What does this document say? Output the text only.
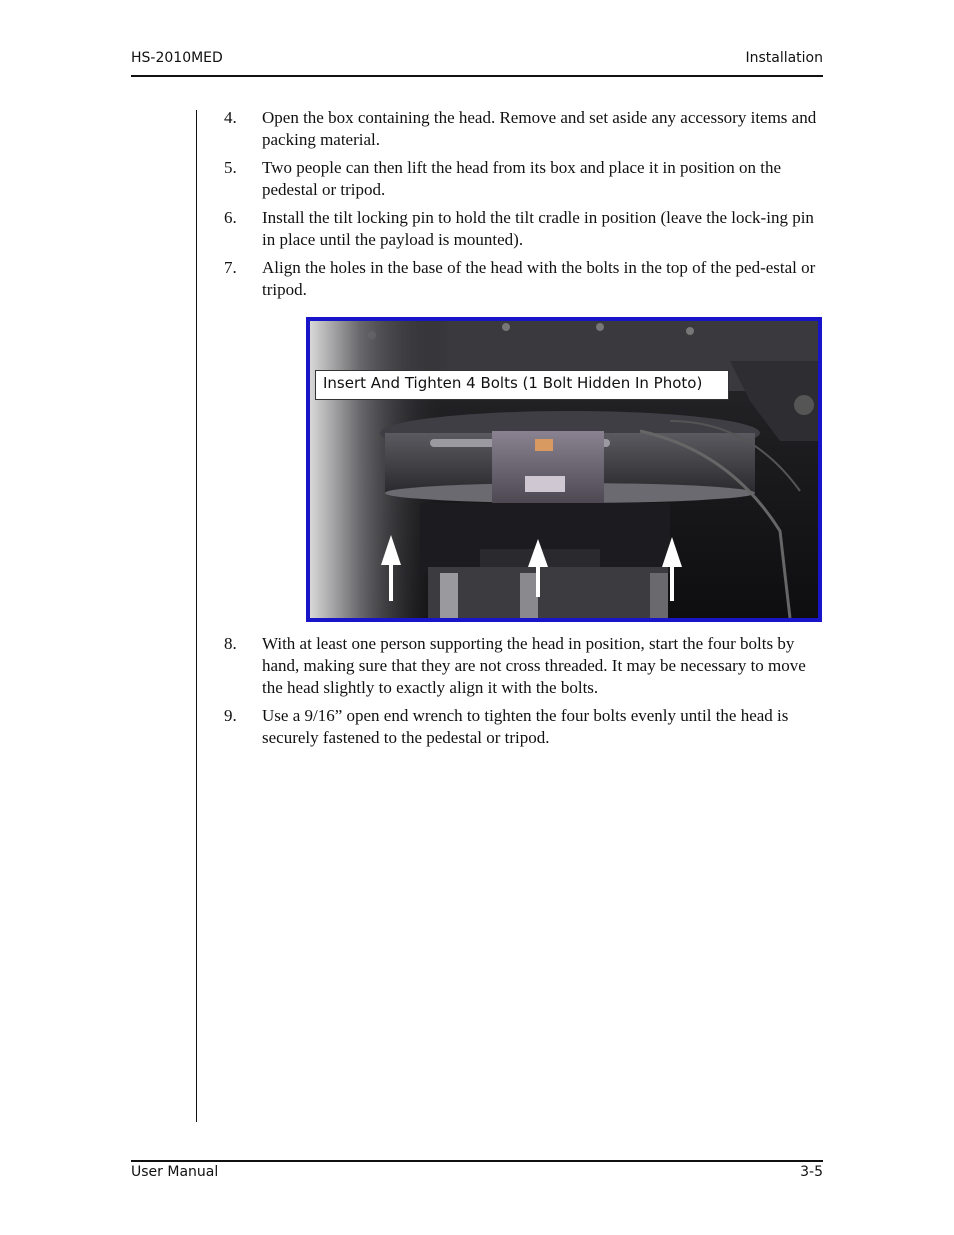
HS-2010MED	Installation
4.	Open the box containing the head. Remove and set aside any accessory items and packing material.
5.	Two people can then lift the head from its box and place it in position on the pedestal or tripod.
6.	Install the tilt locking pin to hold the tilt cradle in position (leave the lock-ing pin in place until the payload is mounted).
7.	Align the holes in the base of the head with the bolts in the top of the ped-estal or tripod.
Insert And Tighten 4 Bolts (1 Bolt Hidden In Photo)
8.	With at least one person supporting the head in position, start the four bolts by hand, making sure that they are not cross threaded. It may be necessary to move the head slightly to exactly align it with the bolts.
9.	Use a 9/16” open end wrench to tighten the four bolts evenly until the head is securely fastened to the pedestal or tripod.
User Manual	3-5
